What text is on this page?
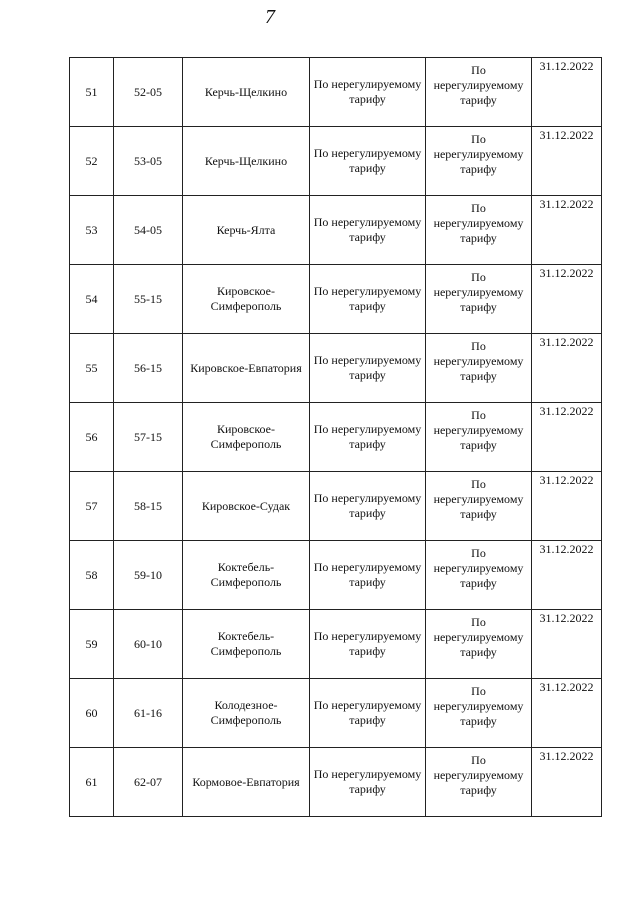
7
51	52-05	Керчь-Щелкино	По нерегулируемому тарифу	По нерегулируемому тарифу	31.12.2022
52	53-05	Керчь-Щелкино	По нерегулируемому тарифу	По нерегулируемому тарифу	31.12.2022
53	54-05	Керчь-Ялта	По нерегулируемому тарифу	По нерегулируемому тарифу	31.12.2022
54	55-15	Кировское-Симферополь	По нерегулируемому тарифу	По нерегулируемому тарифу	31.12.2022
55	56-15	Кировское-Евпатория	По нерегулируемому тарифу	По нерегулируемому тарифу	31.12.2022
56	57-15	Кировское-Симферополь	По нерегулируемому тарифу	По нерегулируемому тарифу	31.12.2022
57	58-15	Кировское-Судак	По нерегулируемому тарифу	По нерегулируемому тарифу	31.12.2022
58	59-10	Коктебель-Симферополь	По нерегулируемому тарифу	По нерегулируемому тарифу	31.12.2022
59	60-10	Коктебель-Симферополь	По нерегулируемому тарифу	По нерегулируемому тарифу	31.12.2022
60	61-16	Колодезное-Симферополь	По нерегулируемому тарифу	По нерегулируемому тарифу	31.12.2022
61	62-07	Кормовое-Евпатория	По нерегулируемому тарифу	По нерегулируемому тарифу	31.12.2022
